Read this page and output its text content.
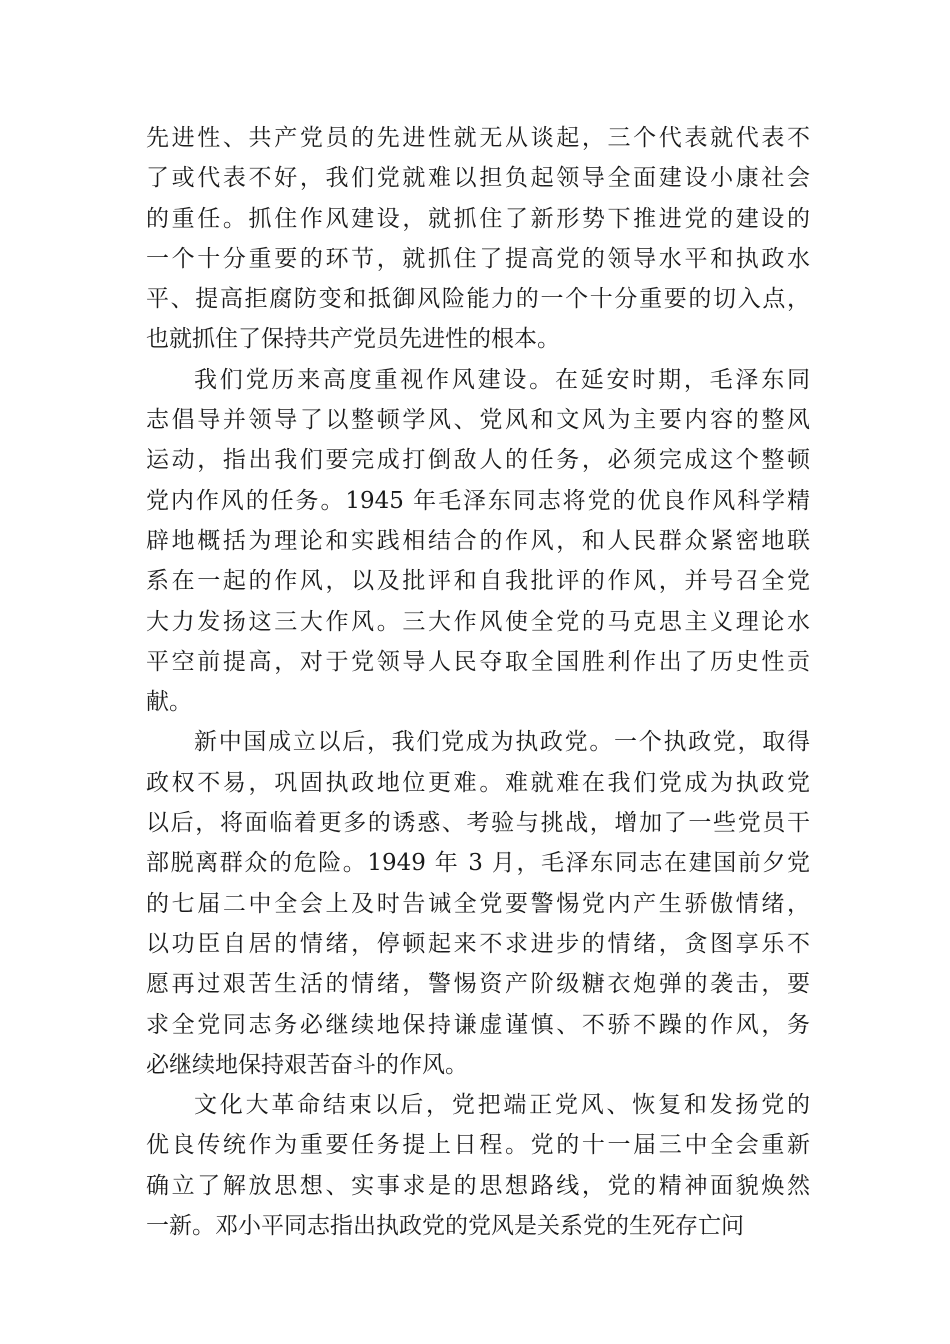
先进性、共产党员的先进性就无从谈起，三个代表就代表不
了或代表不好，我们党就难以担负起领导全面建设小康社会
的重任。抓住作风建设，就抓住了新形势下推进党的建设的
一个十分重要的环节，就抓住了提高党的领导水平和执政水
平、提高拒腐防变和抵御风险能力的一个十分重要的切入点，
也就抓住了保持共产党员先进性的根本。
我们党历来高度重视作风建设。在延安时期，毛泽东同
志倡导并领导了以整顿学风、党风和文风为主要内容的整风
运动，指出我们要完成打倒敌人的任务，必须完成这个整顿
党内作风的任务。1945 年毛泽东同志将党的优良作风科学精
辟地概括为理论和实践相结合的作风，和人民群众紧密地联
系在一起的作风，以及批评和自我批评的作风，并号召全党
大力发扬这三大作风。三大作风使全党的马克思主义理论水
平空前提高，对于党领导人民夺取全国胜利作出了历史性贡
献。
新中国成立以后，我们党成为执政党。一个执政党，取得
政权不易，巩固执政地位更难。难就难在我们党成为执政党
以后，将面临着更多的诱惑、考验与挑战，增加了一些党员干
部脱离群众的危险。1949 年 3 月，毛泽东同志在建国前夕党
的七届二中全会上及时告诫全党要警惕党内产生骄傲情绪，
以功臣自居的情绪，停顿起来不求进步的情绪，贪图享乐不
愿再过艰苦生活的情绪，警惕资产阶级糖衣炮弹的袭击，要
求全党同志务必继续地保持谦虚谨慎、不骄不躁的作风，务
必继续地保持艰苦奋斗的作风。
文化大革命结束以后，党把端正党风、恢复和发扬党的
优良传统作为重要任务提上日程。党的十一届三中全会重新
确立了解放思想、实事求是的思想路线，党的精神面貌焕然
一新。邓小平同志指出执政党的党风是关系党的生死存亡问
